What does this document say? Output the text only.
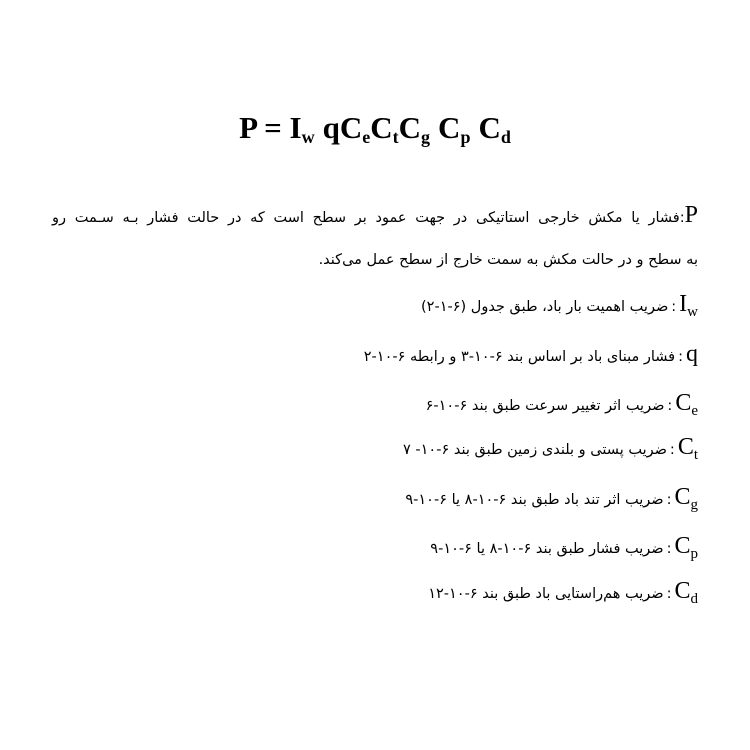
$P = I_w$ $qC_eC_tC_g$ $C_p$ $C_d$
P:فشار یا مکش خارجی استاتیکی در جهت عمود بر سطح است که در حالت فشار بـه سـمت رو
به سطح و در حالت مکش به سمت خارج از سطح عمل می‌کند.
$I_w:ضریب$ اهمیت بار باد، طبق جدول (۶-۱-۲)
q:فشار مبنای باد بر اساس بند ۶-۱۰-۳ و رابطه ۶-۱۰-۲
$C_e:ضریب$ اثر تغییر سرعت طبق بند ۶-۱۰-۶
$C_t:ضریب$ پستی و بلندی زمین طبق بند ۶-۱۰- ۷
$C_g:ضریب$ اثر تند باد طبق بند ۶-۱۰-۸ یا ۶-۱۰-۹
$C_p:ضریب$ فشار طبق بند ۶-۱۰-۸ یا ۶-۱۰-۹
$C_d:ضریب$ هم‌راستایی باد طبق بند ۶-۱۰-۱۲
